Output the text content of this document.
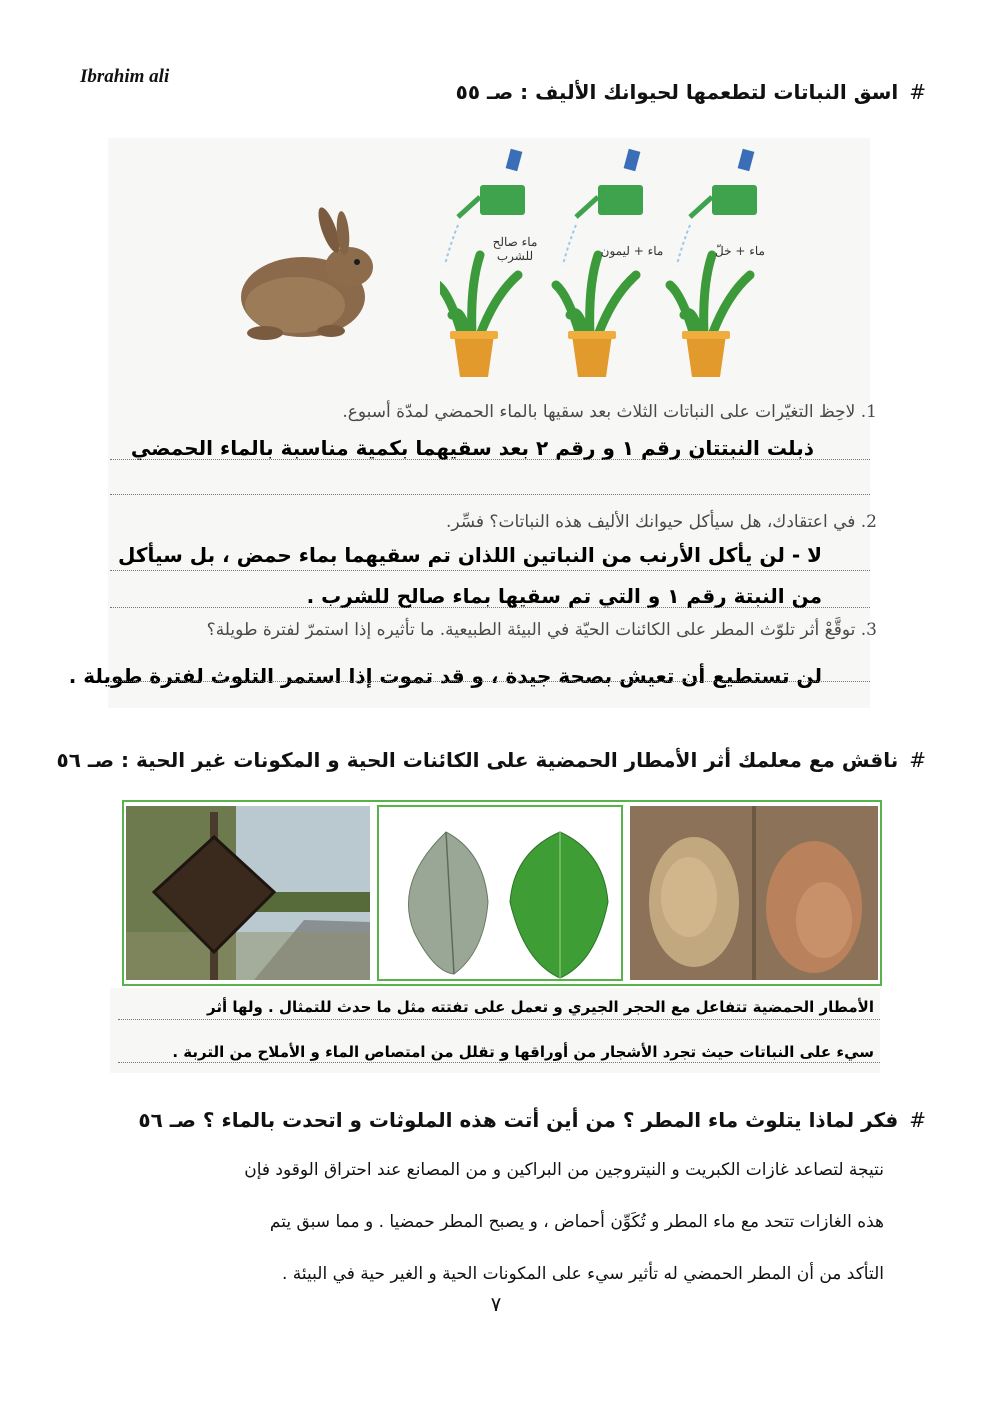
Ibrahim ali
# اسق النباتات لتطعمها لحيوانك الأليف : صـ ٥٥
ماء صالح للشرب	ماء + ليمون	ماء + خلّ
1. لاحِظ التغيّرات على النباتات الثلاث بعد سقيها بالماء الحمضي لمدّة أسبوع.
ذبلت النبتتان رقم ١ و رقم ٢ بعد سقيهما بكمية مناسبة بالماء الحمضي
2. في اعتقادك، هل سيأكل حيوانك الأليف هذه النباتات؟ فسِّر.
لا - لن يأكل الأرنب من النباتين اللذان تم سقيهما بماء حمض ، بل سيأكل
من النبتة رقم ١ و التي تم سقيها بماء صالح للشرب .
3. توقَّعْ أثر تلوّث المطر على الكائنات الحيّة في البيئة الطبيعية. ما تأثيره إذا استمرّ لفترة طويلة؟
لن تستطيع أن تعيش بصحة جيدة ، و قد تموت إذا استمر التلوث لفترة طويلة .
# ناقش مع معلمك أثر الأمطار الحمضية على الكائنات الحية و المكونات غير الحية : صـ ٥٦
الأمطار الحمضية تتفاعل مع الحجر الجيري و تعمل على تفتته مثل ما حدث للتمثال . ولها أثر
سيء على النباتات حيث تجرد الأشجار من أوراقها و تقلل من امتصاص الماء و الأملاح من التربة .
# فكر لماذا يتلوث ماء المطر ؟ من أين أتت هذه الملوثات و اتحدت بالماء ؟ صـ ٥٦
نتيجة لتصاعد غازات الكبريت و النيتروجين من البراكين و من المصانع عند احتراق الوقود فإن
هذه الغازات تتحد مع ماء المطر و تُكَوِّن أحماض ، و يصبح المطر حمضيا . و مما سبق يتم
التأكد من أن المطر الحمضي له تأثير سيء على المكونات الحية و الغير حية في البيئة .
٧
